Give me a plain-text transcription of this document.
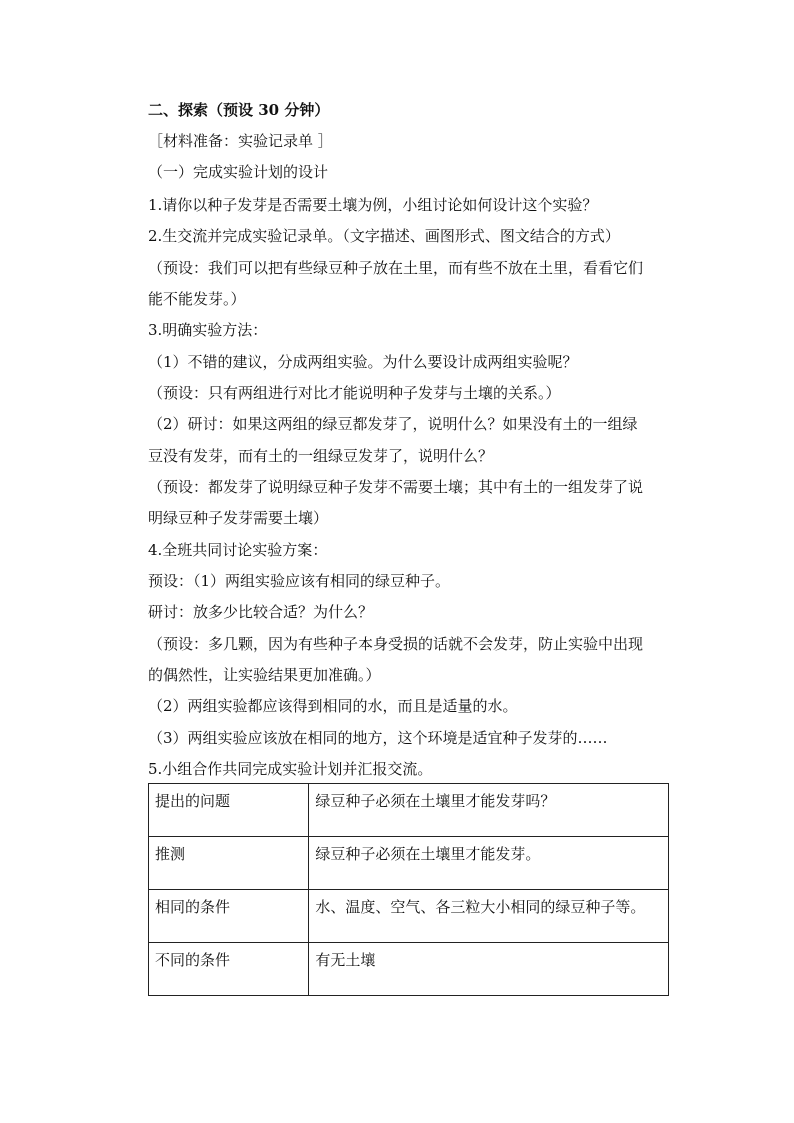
二、探索（预设 30 分钟）
［材料准备：实验记录单 ］
（一）完成实验计划的设计
1.请你以种子发芽是否需要土壤为例，小组讨论如何设计这个实验？
2.生交流并完成实验记录单。（文字描述、画图形式、图文结合的方式）
（预设：我们可以把有些绿豆种子放在土里，而有些不放在土里，看看它们
能不能发芽。）
3.明确实验方法：
（1）不错的建议，分成两组实验。为什么要设计成两组实验呢？
（预设：只有两组进行对比才能说明种子发芽与土壤的关系。）
（2）研讨：如果这两组的绿豆都发芽了，说明什么？如果没有土的一组绿
豆没有发芽，而有土的一组绿豆发芽了，说明什么？
（预设：都发芽了说明绿豆种子发芽不需要土壤；其中有土的一组发芽了说
明绿豆种子发芽需要土壤）
4.全班共同讨论实验方案：
预设：（1）两组实验应该有相同的绿豆种子。
研讨：放多少比较合适？为什么？
（预设：多几颗，因为有些种子本身受损的话就不会发芽，防止实验中出现
的偶然性，让实验结果更加准确。）
（2）两组实验都应该得到相同的水，而且是适量的水。
（3）两组实验应该放在相同的地方，这个环境是适宜种子发芽的……
5.小组合作共同完成实验计划并汇报交流。
提出的问题	绿豆种子必须在土壤里才能发芽吗？
推测	绿豆种子必须在土壤里才能发芽。
相同的条件	水、温度、空气、各三粒大小相同的绿豆种子等。
不同的条件	有无土壤
